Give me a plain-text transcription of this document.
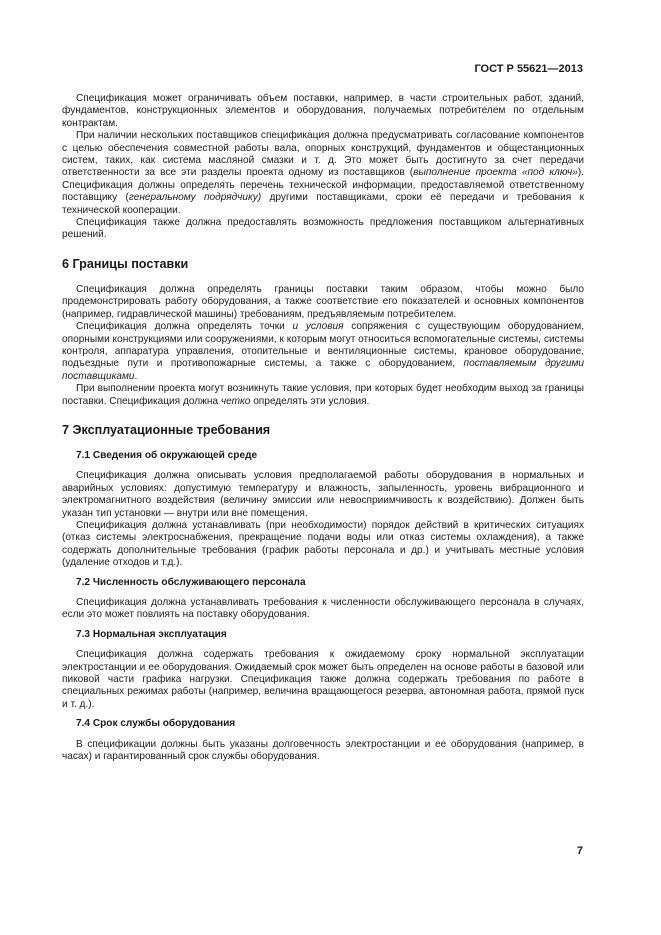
ГОСТ Р 55621—2013

Спецификация может ограничивать объем поставки, например, в части строительных работ, зданий, фундаментов, конструкционных элементов и оборудования, получаемых потребителем по отдельным контрактам.

При наличии нескольких поставщиков спецификация должна предусматривать согласование компонентов с целью обеспечения совместной работы вала, опорных конструкций, фундаментов и общестанционных систем, таких, как система масляной смазки и т. д. Это может быть достигнуто за счет передачи ответственности за все эти разделы проекта одному из поставщиков (выполнение проекта «под ключ»). Спецификация должны определять перечень технической информации, предоставляемой ответственному поставщику (генеральному подрядчику) другими поставщиками, сроки её передачи и требования к технической кооперации.

Спецификация также должна предоставлять возможность предложения поставщиком альтернативных решений.

6 Границы поставки

Спецификация должна определять границы поставки таким образом, чтобы можно было продемонстрировать работу оборудования, а также соответствие его показателей и основных компонентов (например, гидравлической машины) требованиям, предъявляемым потребителем.

Спецификация должна определять точки и условия сопряжения с существующим оборудованием, опорными конструкциями или сооружениями, к которым могут относиться вспомогательные системы, системы контроля, аппаратура управления, отопительные и вентиляционные системы, крановое оборудование, подъездные пути и противопожарные системы, а также с оборудованием, поставляемым другими поставщиками.

При выполнении проекта могут возникнуть такие условия, при которых будет необходим выход за границы поставки. Спецификация должна четко определять эти условия.

7 Эксплуатационные требования
7.1 Сведения об окружающей среде

Спецификация должна описывать условия предполагаемой работы оборудования в нормальных и аварийных условиях: допустимую температуру и влажность, запыленность, уровень вибрационного и электромагнитного воздействия (величину эмиссии или невосприимчивость к воздействию). Должен быть указан тип установки — внутри или вне помещения.

Спецификация должна устанавливать (при необходимости) порядок действий в критических ситуациях (отказ системы электроснабжения, прекращение подачи воды или отказ системы охлаждения), а также содержать дополнительные требования (график работы персонала и др.) и учитывать местные условия (удаление отходов и т.д.).

7.2 Численность обслуживающего персонала

Спецификация должна устанавливать требования к численности обслуживающего персонала в случаях, если это может повлиять на поставку оборудования.

7.3 Нормальная эксплуатация

Спецификация должна содержать требования к ожидаемому сроку нормальной эксплуатации электростанции и ее оборудования. Ожидаемый срок может быть определен на основе работы в базовой или пиковой части графика нагрузки. Спецификация также должна содержать требования по работе в специальных режимах работы (например, величина вращающегося резерва, автономная работа, прямой пуск и т. д.).

7.4 Срок службы оборудования

В спецификации должны быть указаны долговечность электростанции и ее оборудования (например, в часах) и гарантированный срок службы оборудования.

7
